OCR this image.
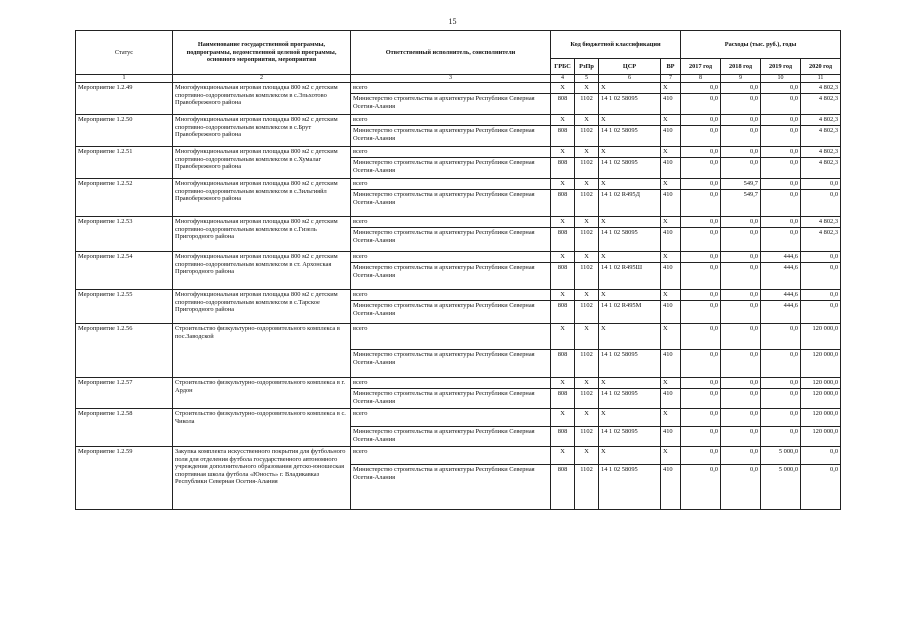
15
Статус	Наименование государственной программы, подпрограммы, ведомственной целевой программы, основного мероприятия, мероприятия	Ответственный исполнитель, соисполнители	Код бюджетной классификации				Расходы (тыс. руб.), годы			
			ГРБС	РзПр	ЦСР	ВР	2017 год	2018 год	2019 год	2020 год
1	2	3	4	5	6	7	8	9	10	11
Мероприятие 1.2.49	Многофункциональная игровая площадка 800 м2 с детским спортивно-оздоровительным комплексом в с.Эльхотово Правобережного района	всего	X	X	X	X	0,0	0,0	0,0	4 802,3
		Министерство строительства и архитектуры Республики Северная Осетия-Алания	808	1102	14 1 02 58095	410	0,0	0,0	0,0	4 802,3
Мероприятие 1.2.50	Многофункциональная игровая площадка 800 м2 с детским спортивно-оздоровительным комплексом в с.Брут Правобережного района	всего	X	X	X	X	0,0	0,0	0,0	4 802,3
		Министерство строительства и архитектуры Республики Северная Осетия-Алания	808	1102	14 1 02 58095	410	0,0	0,0	0,0	4 802,3
Мероприятие 1.2.51	Многофункциональная игровая площадка 800 м2 с детским спортивно-оздоровительным комплексом в с.Хумалаг Правобережного района	всего	X	X	X	X	0,0	0,0	0,0	4 802,3
		Министерство строительства и архитектуры Республики Северная Осетия-Алания	808	1102	14 1 02 58095	410	0,0	0,0	0,0	4 802,3
Мероприятие 1.2.52	Многофункциональная игровая площадка 800 м2 с детским спортивно-оздоровительным комплексом в с.Зильгияйл Правобережного района	всего	X	X	X	X	0,0	549,7	0,0	0,0
		Министерство строительства и архитектуры Республики Северная Осетия-Алания	808	1102	14 1 02 R495Д	410	0,0	549,7	0,0	0,0
Мероприятие 1.2.53	Многофункциональная игровая площадка 800 м2 с детским спортивно-оздоровительным комплексом в с.Гизель Пригородного района	всего	X	X	X	X	0,0	0,0	0,0	4 802,3
		Министерство строительства и архитектуры Республики Северная Осетия-Алания	808	1102	14 1 02 58095	410	0,0	0,0	0,0	4 802,3
Мероприятие 1.2.54	Многофункциональная игровая площадка 800 м2 с детским спортивно-оздоровительным комплексом в ст. Архонская Пригородного района	всего	X	X	X	X	0,0	0,0	444,6	0,0
		Министерство строительства и архитектуры Республики Северная Осетия-Алания	808	1102	14 1 02 R495Ш	410	0,0	0,0	444,6	0,0
Мероприятие 1.2.55	Многофункциональная игровая площадка 800 м2 с детским спортивно-оздоровительным комплексом в с.Тарское Пригородного района	всего	X	X	X	X	0,0	0,0	444,6	0,0
		Министерство строительства и архитектуры Республики Северная Осетия-Алания	808	1102	14 1 02 R495М	410	0,0	0,0	444,6	0,0
Мероприятие 1.2.56	Строительство физкультурно-оздоровительного комплекса в пос.Заводской	всего	X	X	X	X	0,0	0,0	0,0	120 000,0
		Министерство строительства и архитектуры Республики Северная Осетия-Алания	808	1102	14 1 02 58095	410	0,0	0,0	0,0	120 000,0
Мероприятие 1.2.57	Строительство физкультурно-оздоровительного комплекса в г. Ардон	всего	X	X	X	X	0,0	0,0	0,0	120 000,0
		Министерство строительства и архитектуры Республики Северная Осетия-Алания	808	1102	14 1 02 58095	410	0,0	0,0	0,0	120 000,0
Мероприятие 1.2.58	Строительство физкультурно-оздоровительного комплекса в с. Чикола	всего	X	X	X	X	0,0	0,0	0,0	120 000,0
		Министерство строительства и архитектуры Республики Северная Осетия-Алания	808	1102	14 1 02 58095	410	0,0	0,0	0,0	120 000,0
Мероприятие 1.2.59	Закупка комплекта искусственного покрытия для футбольного поля для отделения футбола государственного автономного учреждения дополнительного образования детско-юношеская спортивная школа футбола «Юность» г. Владикавказ Республики Северная Осетия-Алания	всего	X	X	X	X	0,0	0,0	5 000,0	0,0
		Министерство строительства и архитектуры Республики Северная Осетия-Алания	808	1102	14 1 02 58095	410	0,0	0,0	5 000,0	0,0
